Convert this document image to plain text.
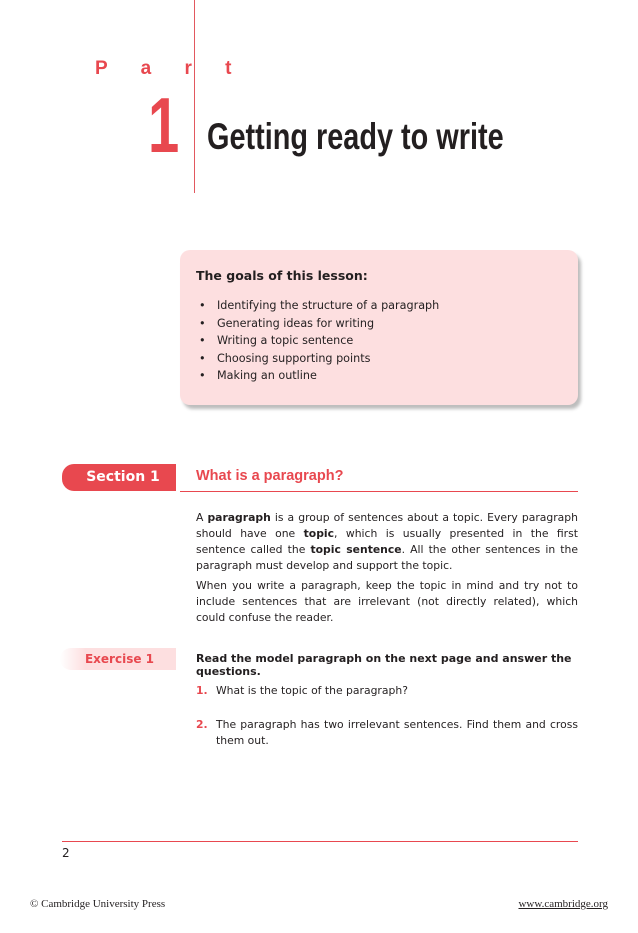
P a r t
1 Getting ready to write
The goals of this lesson:
•	Identifying the structure of a paragraph
•	Generating ideas for writing
•	Writing a topic sentence
•	Choosing supporting points
•	Making an outline
Section 1	What is a paragraph?

A paragraph is a group of sentences about a topic. Every paragraph should have one topic, which is usually presented in the first sentence called the topic sentence. All the other sentences in the paragraph must develop and support the topic.

When you write a paragraph, keep the topic in mind and try not to include sentences that are irrelevant (not directly related), which could confuse the reader.

Exercise 1	Read the model paragraph on the next page and answer the questions.
1. What is the topic of the paragraph?
2. The paragraph has two irrelevant sentences. Find them and cross them out.
2
© Cambridge University Press	www.cambridge.org
